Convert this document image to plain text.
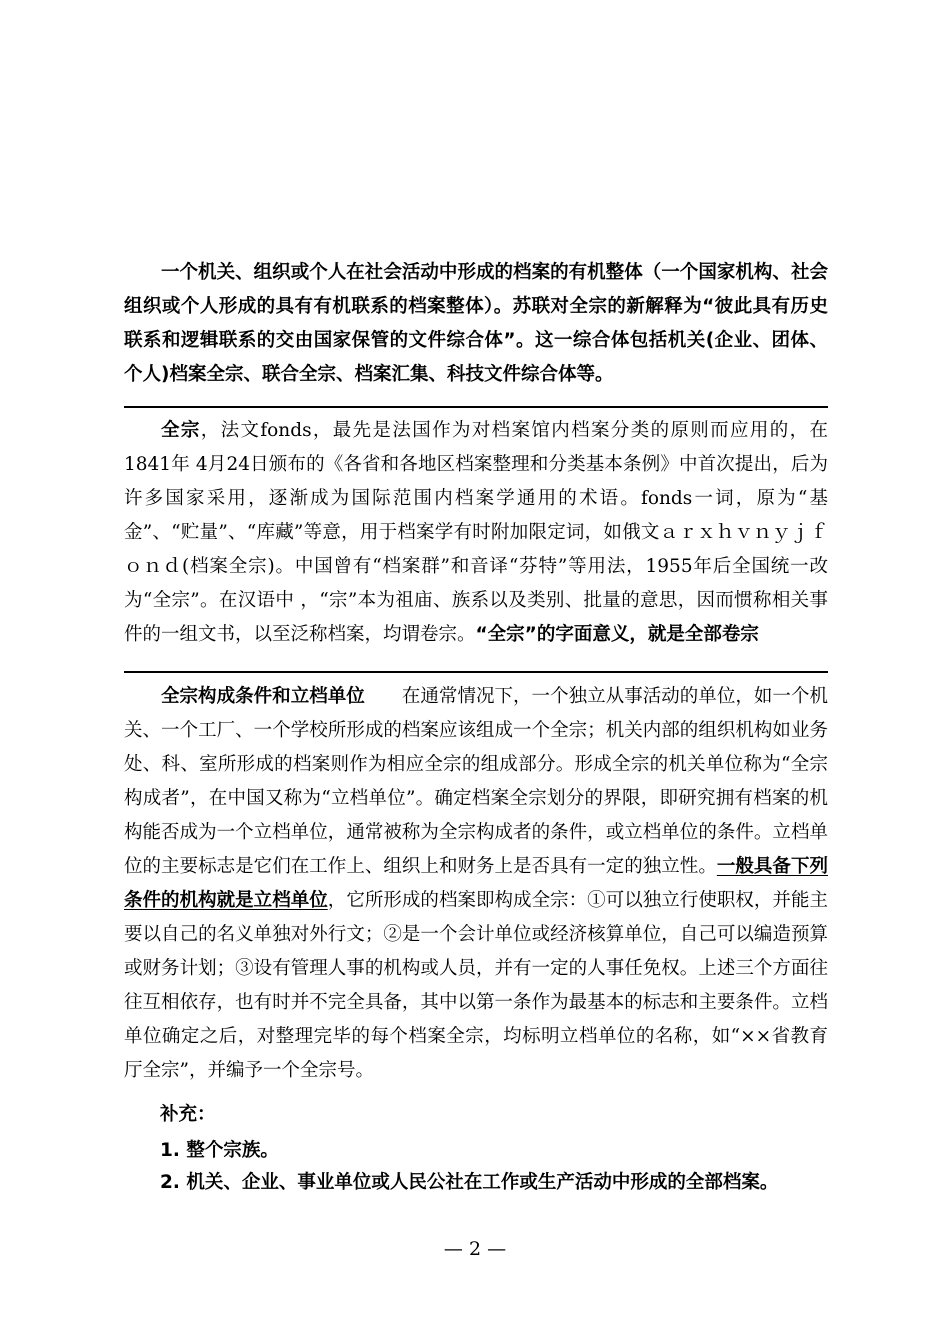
一个机关、组织或个人在社会活动中形成的档案的有机整体（一个国家机构、社会组织或个人形成的具有有机联系的档案整体）。苏联对全宗的新解释为“彼此具有历史联系和逻辑联系的交由国家保管的文件综合体”。这一综合体包括机关(企业、团体、个人)档案全宗、联合全宗、档案汇集、科技文件综合体等。

全宗，法文fonds，最先是法国作为对档案馆内档案分类的原则而应用的，在1841年 4月24日颁布的《各省和各地区档案整理和分类基本条例》中首次提出，后为许多国家采用，逐渐成为国际范围内档案学通用的术语。fonds一词，原为“基金”、“贮量”、“库藏”等意，用于档案学有时附加限定词，如俄文ａｒｘｈｖｎｙｊｆｏｎｄ(档案全宗)。中国曾有“档案群”和音译“芬特”等用法，1955年后全国统一改为“全宗”。在汉语中 ，“宗”本为祖庙、族系以及类别、批量的意思，因而惯称相关事件的一组文书，以至泛称档案，均谓卷宗。“全宗”的字面意义，就是全部卷宗

全宗构成条件和立档单位　　在通常情况下，一个独立从事活动的单位，如一个机关、一个工厂、一个学校所形成的档案应该组成一个全宗；机关内部的组织机构如业务处、科、室所形成的档案则作为相应全宗的组成部分。形成全宗的机关单位称为“全宗构成者”，在中国又称为“立档单位”。确定档案全宗划分的界限，即研究拥有档案的机构能否成为一个立档单位，通常被称为全宗构成者的条件，或立档单位的条件。立档单位的主要标志是它们在工作上、组织上和财务上是否具有一定的独立性。一般具备下列条件的机构就是立档单位，它所形成的档案即构成全宗：①可以独立行使职权，并能主要以自己的名义单独对外行文；②是一个会计单位或经济核算单位，自己可以编造预算或财务计划；③设有管理人事的机构或人员，并有一定的人事任免权。上述三个方面往往互相依存，也有时并不完全具备，其中以第一条作为最基本的标志和主要条件。立档单位确定之后，对整理完毕的每个档案全宗，均标明立档单位的名称，如“××省教育厅全宗”，并编予一个全宗号。

补充：
1. 整个宗族。
2. 机关、企业、事业单位或人民公社在工作或生产活动中形成的全部档案。
— 2 —
